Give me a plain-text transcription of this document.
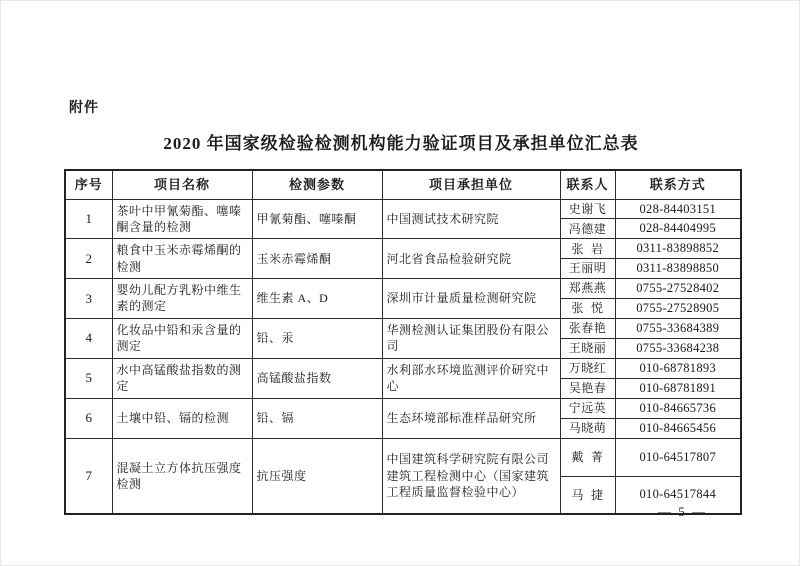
附件
2020 年国家级检验检测机构能力验证项目及承担单位汇总表
序号	项目名称	检测参数	项目承担单位	联系人	联系方式
1	茶叶中甲氰菊酯、噻嗪酮含量的检测	甲氰菊酯、噻嗪酮	中国测试技术研究院	史谢飞	028-84403151
				冯德建	028-84404995
2	粮食中玉米赤霉烯酮的检测	玉米赤霉烯酮	河北省食品检验研究院	张  岩	0311-83898852
				王丽明	0311-83898850
3	婴幼儿配方乳粉中维生素的测定	维生素 A、D	深圳市计量质量检测研究院	郑燕燕	0755-27528402
				张  悦	0755-27528905
4	化妆品中铅和汞含量的测定	铅、汞	华测检测认证集团股份有限公司	张春艳	0755-33684389
				王晓丽	0755-33684238
5	水中高锰酸盐指数的测定	高锰酸盐指数	水利部水环境监测评价研究中心	万晓红	010-68781893
				吴艳春	010-68781891
6	土壤中铅、镉的检测	铅、镉	生态环境部标准样品研究所	宁远英	010-84665736
				马晓萌	010-84665456
7	混凝土立方体抗压强度检测	抗压强度	中国建筑科学研究院有限公司建筑工程检测中心（国家建筑工程质量监督检验中心）	戴  菁	010-64517807
				马  捷	010-64517844
— 5 —
